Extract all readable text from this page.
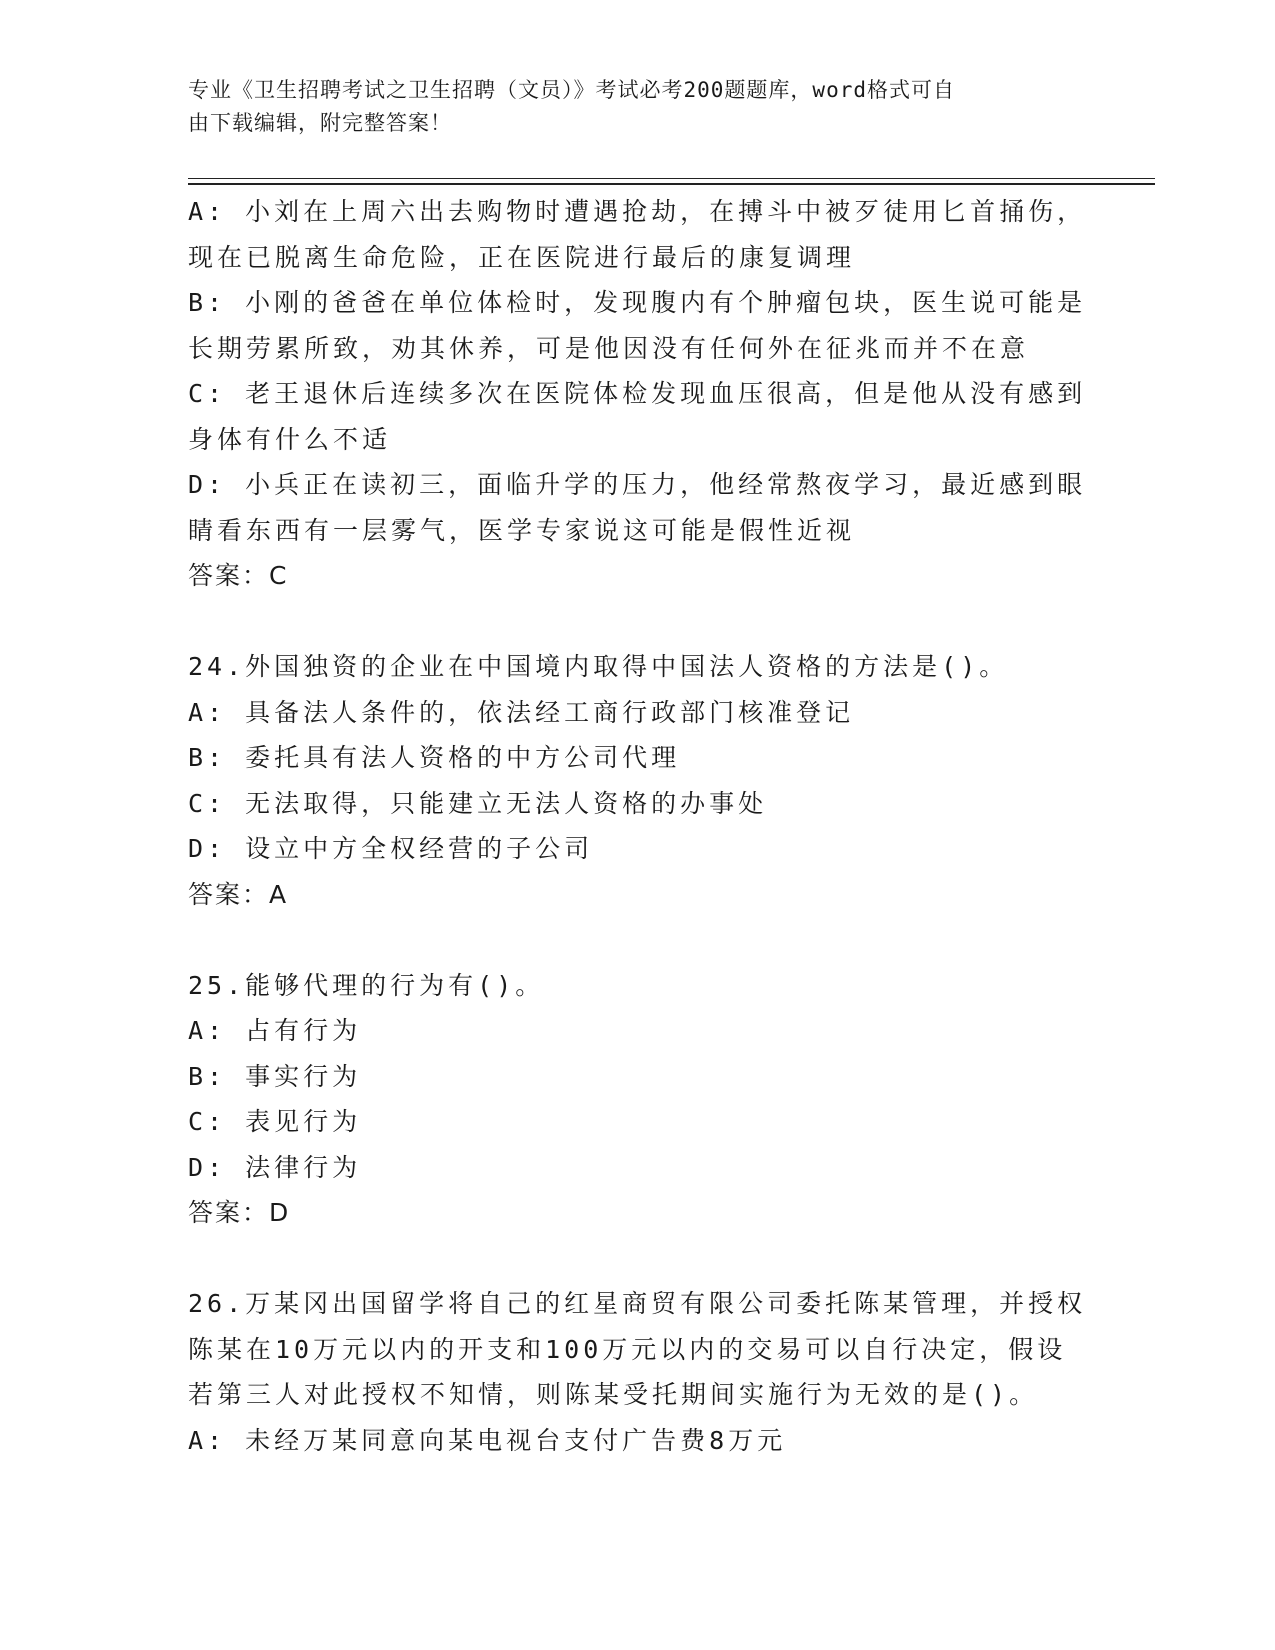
专业《卫生招聘考试之卫生招聘（文员）》考试必考200题题库，word格式可自
由下载编辑，附完整答案！
A: 小刘在上周六出去购物时遭遇抢劫，在搏斗中被歹徒用匕首捅伤，
现在已脱离生命危险，正在医院进行最后的康复调理
B: 小刚的爸爸在单位体检时，发现腹内有个肿瘤包块，医生说可能是
长期劳累所致，劝其休养，可是他因没有任何外在征兆而并不在意
C: 老王退休后连续多次在医院体检发现血压很高，但是他从没有感到
身体有什么不适
D: 小兵正在读初三，面临升学的压力，他经常熬夜学习，最近感到眼
睛看东西有一层雾气，医学专家说这可能是假性近视
答案：C
24.外国独资的企业在中国境内取得中国法人资格的方法是()。
A: 具备法人条件的，依法经工商行政部门核准登记
B: 委托具有法人资格的中方公司代理
C: 无法取得，只能建立无法人资格的办事处
D: 设立中方全权经营的子公司
答案：A
25.能够代理的行为有()。
A: 占有行为
B: 事实行为
C: 表见行为
D: 法律行为
答案：D
26.万某冈出国留学将自己的红星商贸有限公司委托陈某管理，并授权
陈某在10万元以内的开支和100万元以内的交易可以自行决定，假设
若第三人对此授权不知情，则陈某受托期间实施行为无效的是()。
A: 未经万某同意向某电视台支付广告费8万元
